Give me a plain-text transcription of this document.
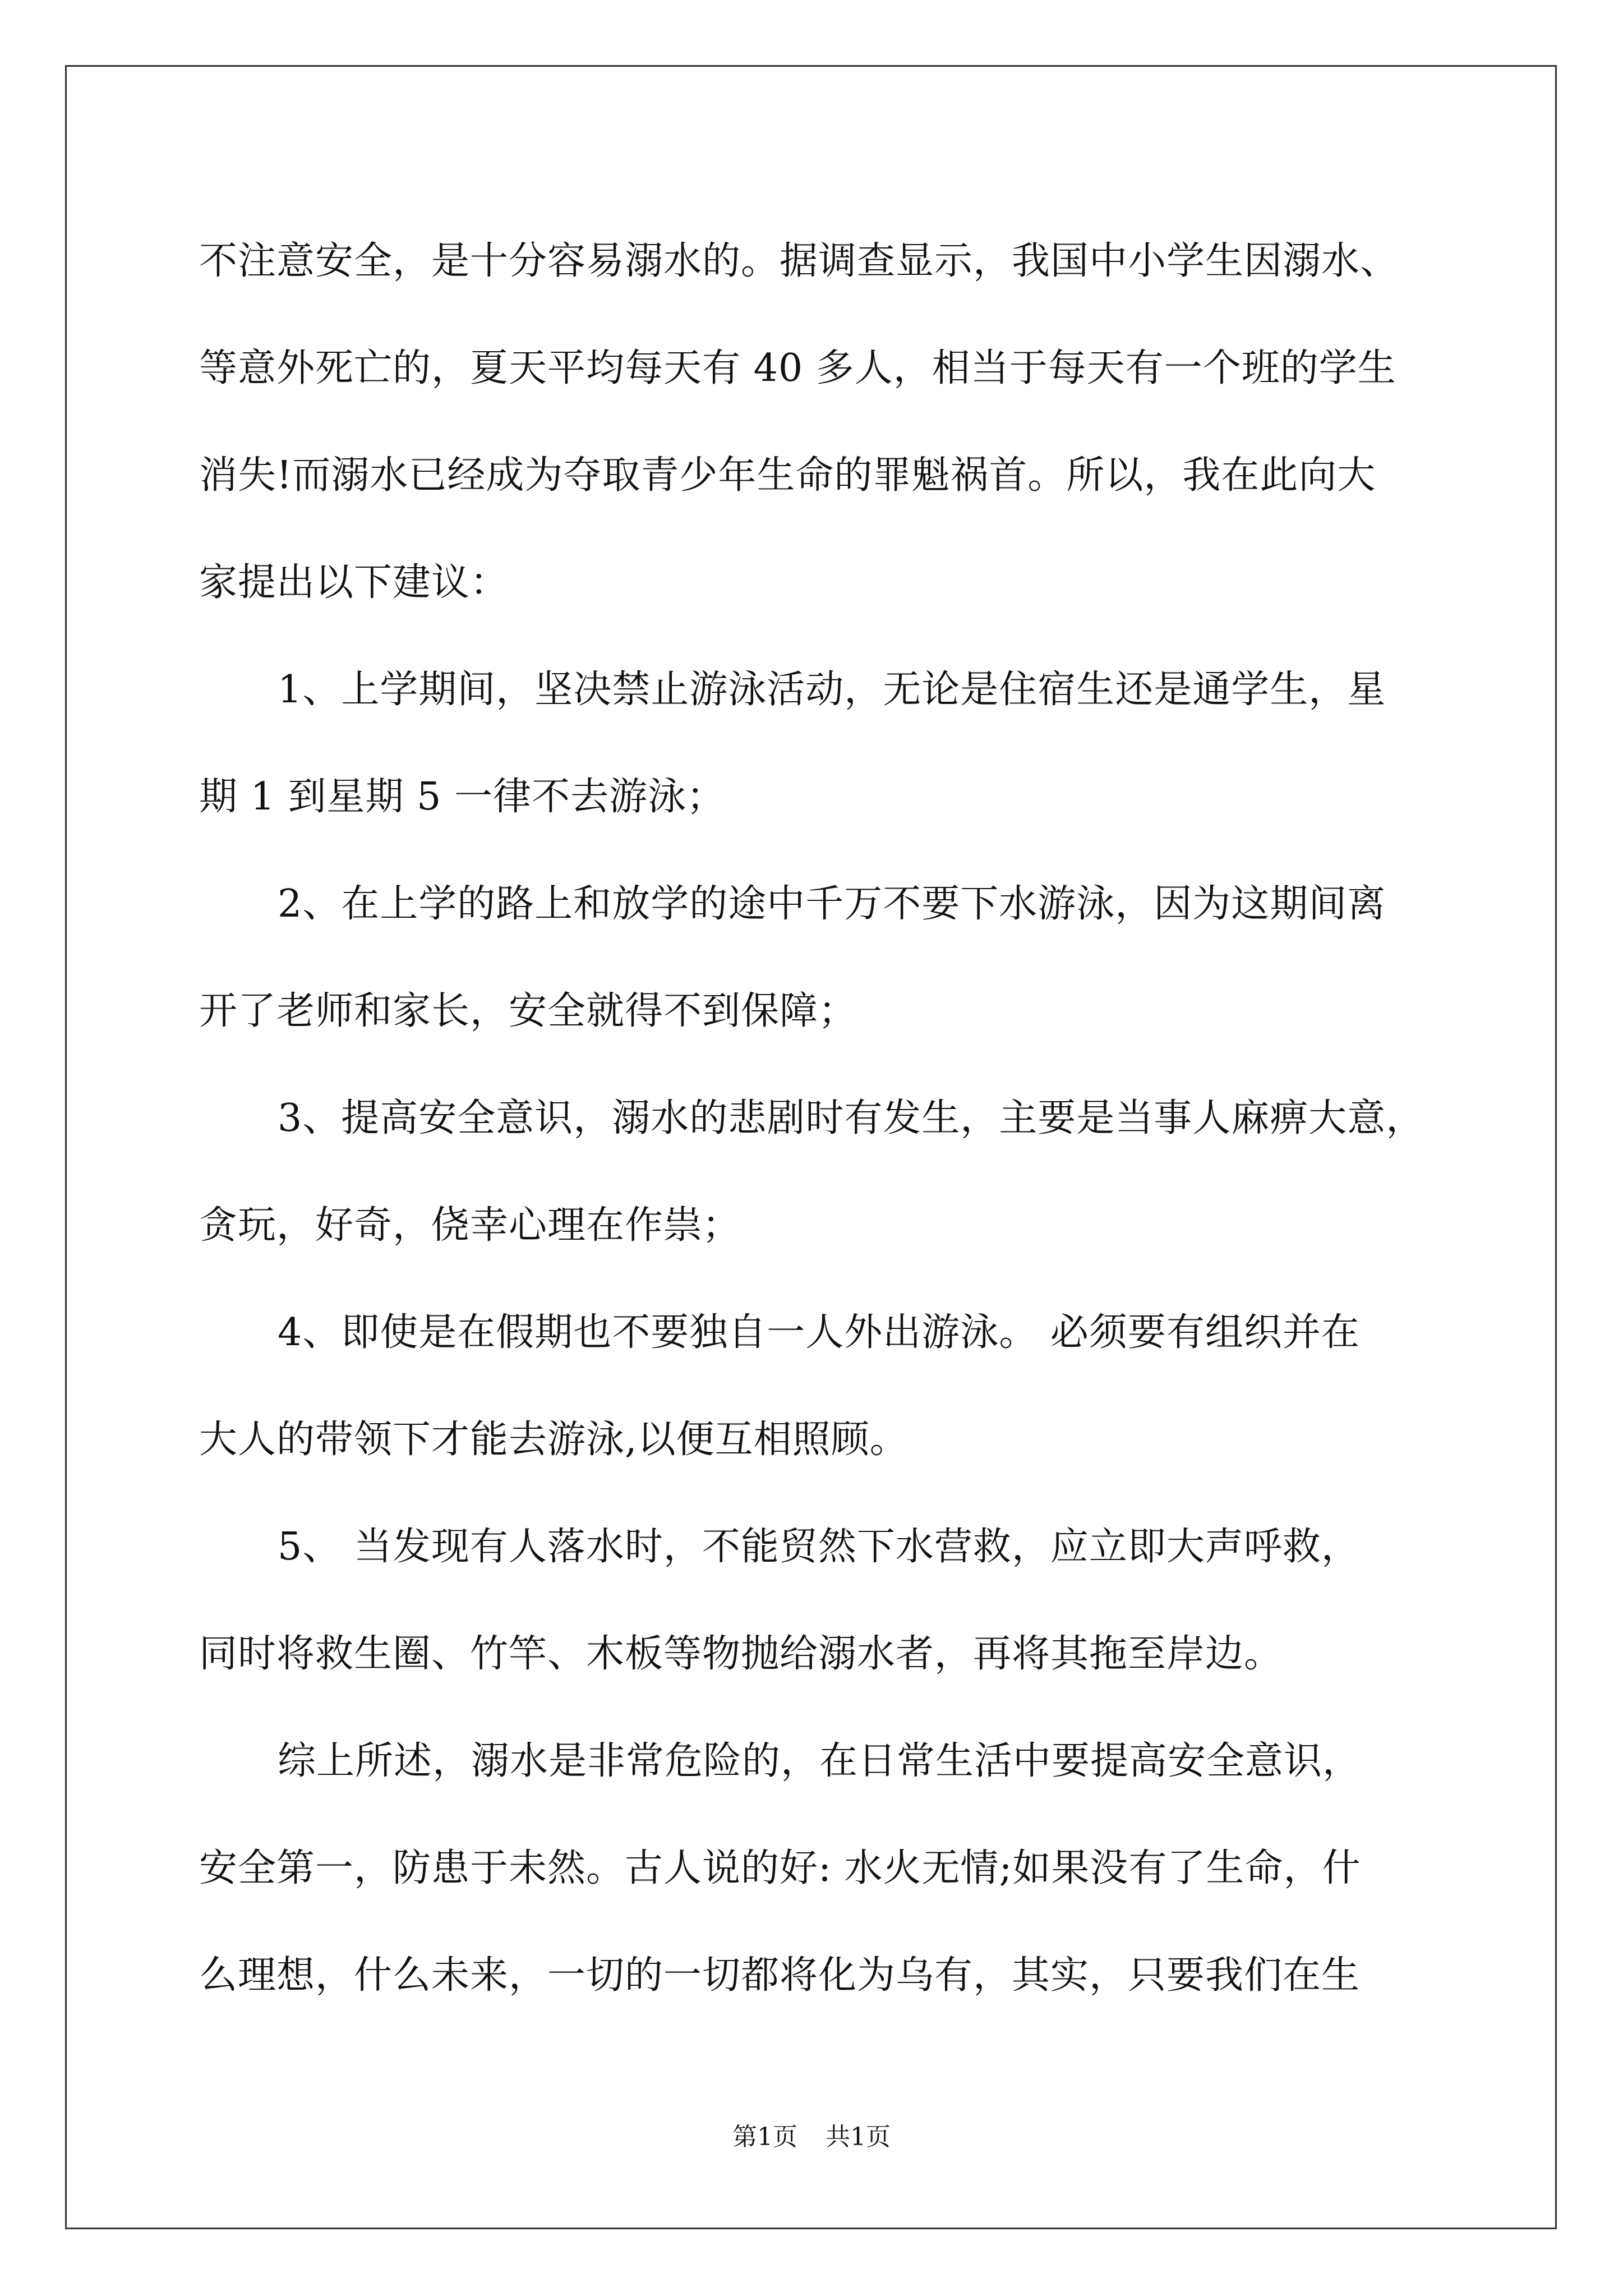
不注意安全，是十分容易溺水的。据调查显示，我国中小学生因溺水、
等意外死亡的，夏天平均每天有 40 多人，相当于每天有一个班的学生
消失!而溺水已经成为夺取青少年生命的罪魁祸首。所以，我在此向大
家提出以下建议：
1、上学期间，坚决禁止游泳活动，无论是住宿生还是通学生，星
期 1 到星期 5 一律不去游泳；
2、在上学的路上和放学的途中千万不要下水游泳，因为这期间离
开了老师和家长，安全就得不到保障；
3、提高安全意识，溺水的悲剧时有发生，主要是当事人麻痹大意，
贪玩，好奇，侥幸心理在作祟；
4、即使是在假期也不要独自一人外出游泳。 必须要有组织并在
大人的带领下才能去游泳,以便互相照顾。
5、 当发现有人落水时，不能贸然下水营救，应立即大声呼救，
同时将救生圈、竹竿、木板等物抛给溺水者，再将其拖至岸边。
综上所述，溺水是非常危险的，在日常生活中要提高安全意识，
安全第一，防患于未然。古人说的好: 水火无情;如果没有了生命，什
么理想，什么未来，一切的一切都将化为乌有，其实，只要我们在生
第1页 共1页
